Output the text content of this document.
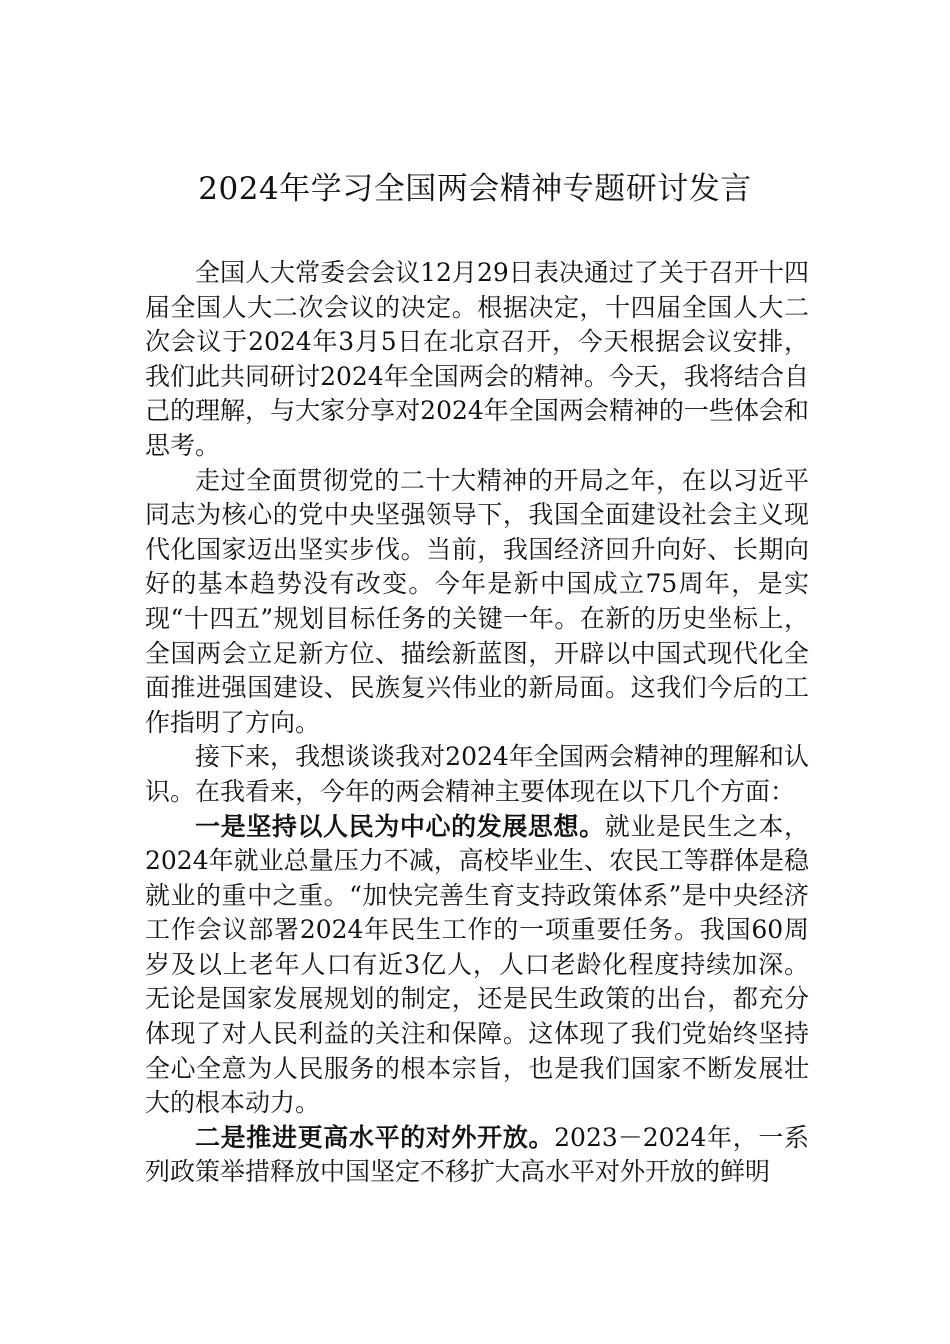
2024年学习全国两会精神专题研讨发言

全国人大常委会会议12月29日表决通过了关于召开十四届全国人大二次会议的决定。根据决定，十四届全国人大二次会议于2024年3月5日在北京召开，今天根据会议安排，我们此共同研讨2024年全国两会的精神。今天，我将结合自己的理解，与大家分享对2024年全国两会精神的一些体会和思考。

走过全面贯彻党的二十大精神的开局之年，在以习近平同志为核心的党中央坚强领导下，我国全面建设社会主义现代化国家迈出坚实步伐。当前，我国经济回升向好、长期向好的基本趋势没有改变。今年是新中国成立75周年，是实现“十四五”规划目标任务的关键一年。在新的历史坐标上，全国两会立足新方位、描绘新蓝图，开辟以中国式现代化全面推进强国建设、民族复兴伟业的新局面。这我们今后的工作指明了方向。

接下来，我想谈谈我对2024年全国两会精神的理解和认识。在我看来，今年的两会精神主要体现在以下几个方面：

一是坚持以人民为中心的发展思想。就业是民生之本，2024年就业总量压力不减，高校毕业生、农民工等群体是稳就业的重中之重。“加快完善生育支持政策体系”是中央经济工作会议部署2024年民生工作的一项重要任务。我国60周岁及以上老年人口有近3亿人，人口老龄化程度持续加深。无论是国家发展规划的制定，还是民生政策的出台，都充分体现了对人民利益的关注和保障。这体现了我们党始终坚持全心全意为人民服务的根本宗旨，也是我们国家不断发展壮大的根本动力。

二是推进更高水平的对外开放。2023－2024年，一系列政策举措释放中国坚定不移扩大高水平对外开放的鲜明
